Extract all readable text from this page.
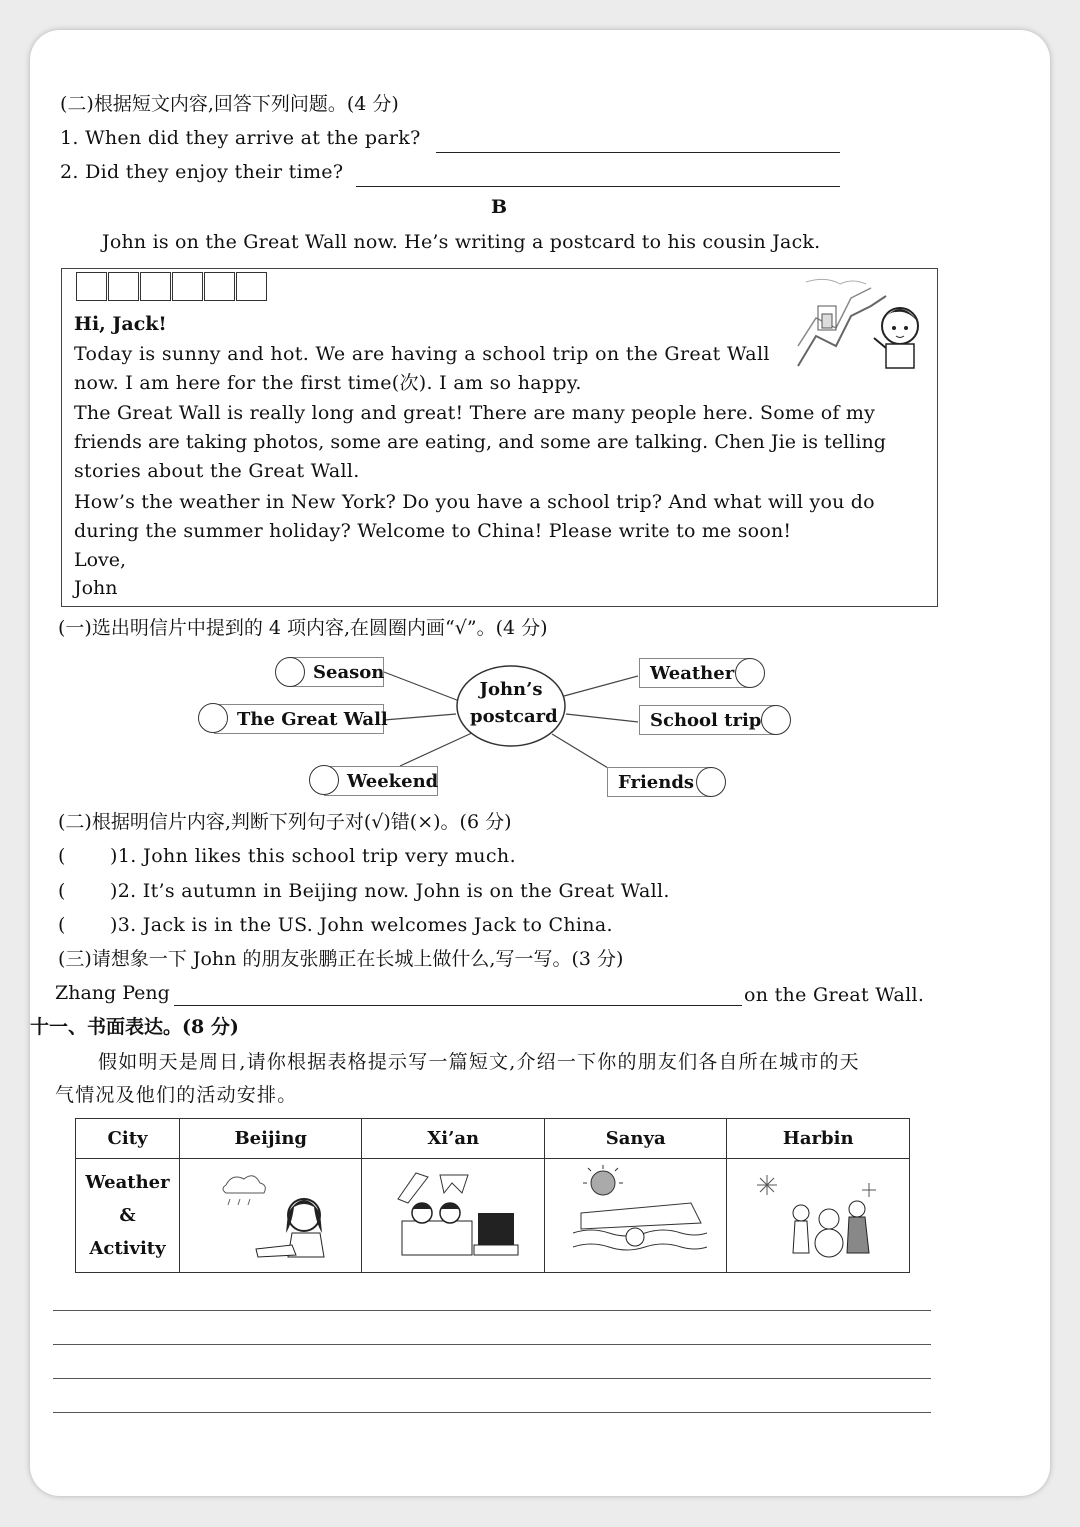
(二)根据短文内容,回答下列问题。(4 分)
1. When did they arrive at the park?
2. Did they enjoy their time?
B
John is on the Great Wall now. He’s writing a postcard to his cousin Jack.
Hi, Jack!
Today is sunny and hot. We are having a school trip on the Great Wall
now. I am here for the first time(次). I am so happy.
The Great Wall is really long and great! There are many people here. Some of my
friends are taking photos, some are eating, and some are talking. Chen Jie is telling
stories about the Great Wall.
How’s the weather in New York? Do you have a school trip? And what will you do
during the summer holiday? Welcome to China! Please write to me soon!
Love,
John
(一)选出明信片中提到的 4 项内容,在圆圈内画“√”。(4 分)
John’s
postcard
Season
The Great Wall
Weekend
Weather
School trip
Friends
(二)根据明信片内容,判断下列句子对(√)错(×)。(6 分)
( )1. John likes this school trip very much.
( )2. It’s autumn in Beijing now. John is on the Great Wall.
( )3. Jack is in the US. John welcomes Jack to China.
(三)请想象一下 John 的朋友张鹏正在长城上做什么,写一写。(3 分)
Zhang Peng	on the Great Wall.
十一、书面表达。(8 分)
假如明天是周日,请你根据表格提示写一篇短文,介绍一下你的朋友们各自所在城市的天
气情况及他们的活动安排。
City	Beijing	Xi’an	Sanya	Harbin

Weather
&
Activity
